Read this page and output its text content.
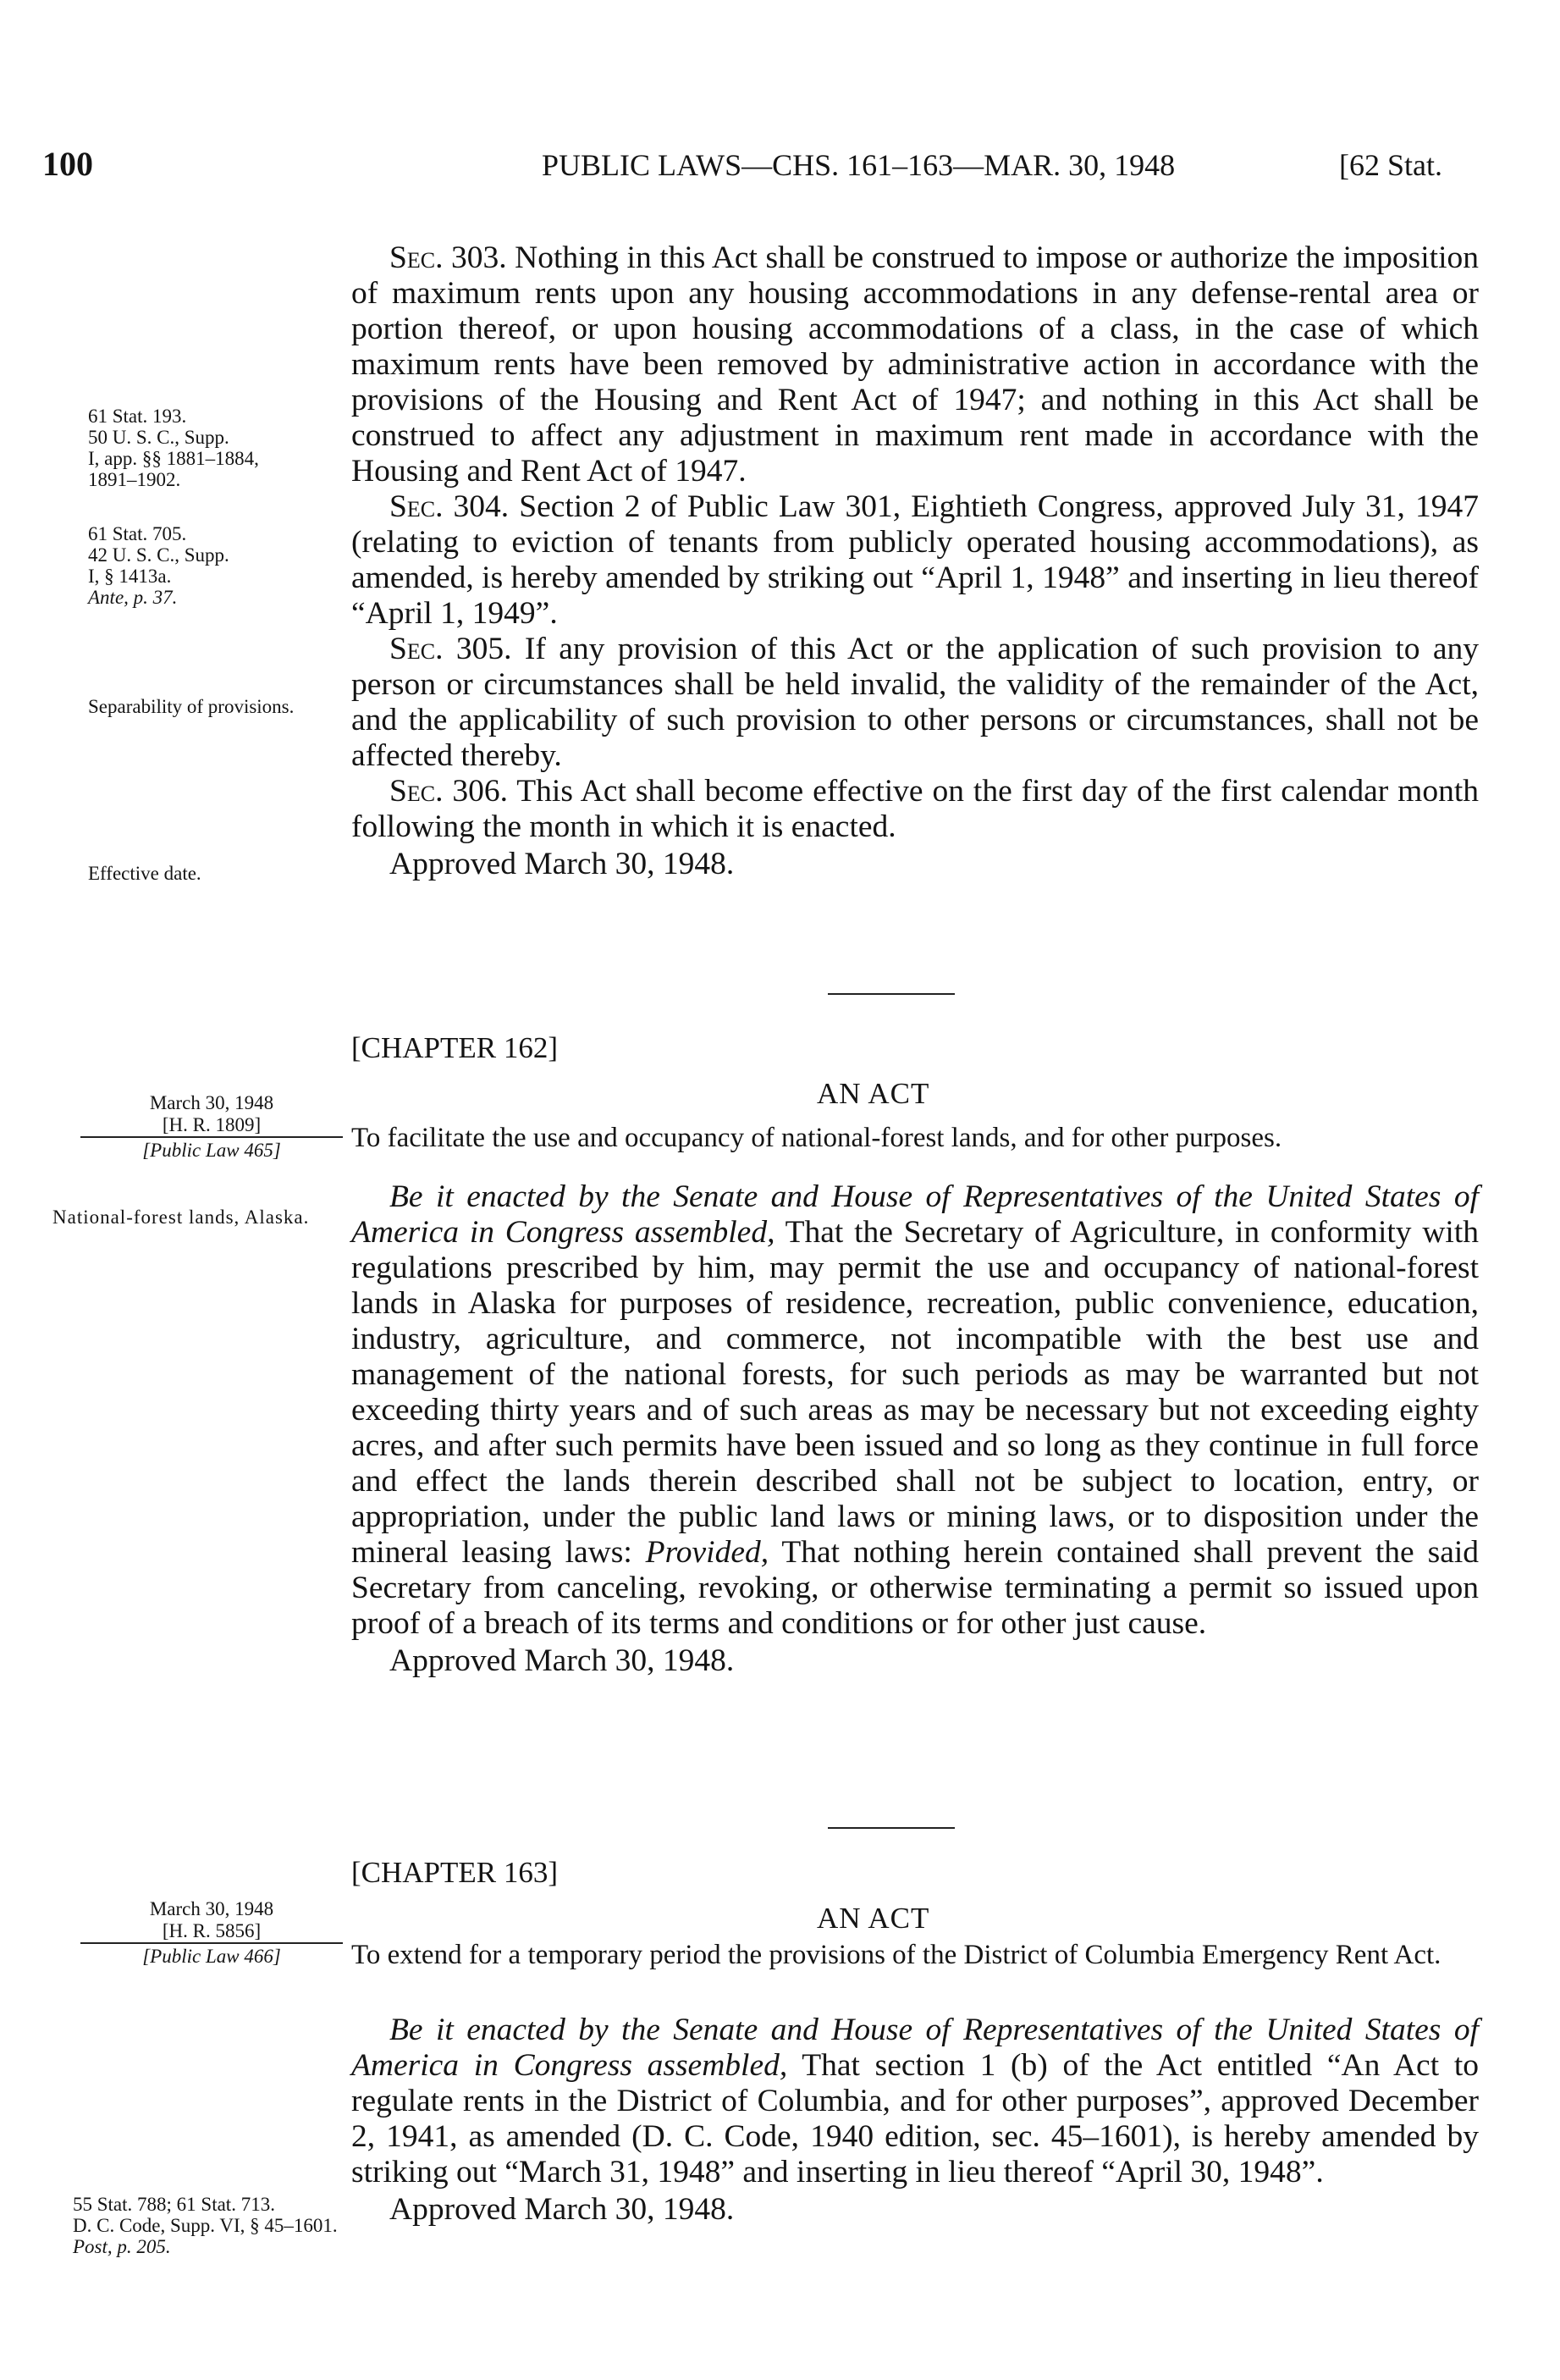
100	PUBLIC LAWS—CHS. 161–163—MAR. 30, 1948	[62 Stat.

Sec. 303. Nothing in this Act shall be construed to impose or authorize the imposition of maximum rents upon any housing accommodations in any defense-rental area or portion thereof, or upon housing accommodations of a class, in the case of which maximum rents have been removed by administrative action in accordance with the provisions of the Housing and Rent Act of 1947; and nothing in this Act shall be construed to affect any adjustment in maximum rent made in accordance with the Housing and Rent Act of 1947.

Sec. 304. Section 2 of Public Law 301, Eightieth Congress, approved July 31, 1947 (relating to eviction of tenants from publicly operated housing accommodations), as amended, is hereby amended by striking out “April 1, 1948” and inserting in lieu thereof “April 1, 1949”.

Sec. 305. If any provision of this Act or the application of such provision to any person or circumstances shall be held invalid, the validity of the remainder of the Act, and the applicability of such provision to other persons or circumstances, shall not be affected thereby.

Sec. 306. This Act shall become effective on the first day of the first calendar month following the month in which it is enacted.

Approved March 30, 1948.

61 Stat. 193.
50 U. S. C., Supp.
I, app. §§ 1881–1884,
1891–1902.
61 Stat. 705.
42 U. S. C., Supp.
I, § 1413a.
Ante, p. 37.
Separability of provisions.
Effective date.
[CHAPTER 162]
AN ACT
To facilitate the use and occupancy of national-forest lands, and for other purposes.
March 30, 1948
[H. R. 1809]
[Public Law 465]
National-forest lands, Alaska.

Be it enacted by the Senate and House of Representatives of the United States of America in Congress assembled, That the Secretary of Agriculture, in conformity with regulations prescribed by him, may permit the use and occupancy of national-forest lands in Alaska for purposes of residence, recreation, public convenience, education, industry, agriculture, and commerce, not incompatible with the best use and management of the national forests, for such periods as may be warranted but not exceeding thirty years and of such areas as may be necessary but not exceeding eighty acres, and after such permits have been issued and so long as they continue in full force and effect the lands therein described shall not be subject to location, entry, or appropriation, under the public land laws or mining laws, or to disposition under the mineral leasing laws: Provided, That nothing herein contained shall prevent the said Secretary from canceling, revoking, or otherwise terminating a permit so issued upon proof of a breach of its terms and conditions or for other just cause.

Approved March 30, 1948.

[CHAPTER 163]
AN ACT
To extend for a temporary period the provisions of the District of Columbia Emergency Rent Act.
March 30, 1948
[H. R. 5856]
[Public Law 466]

Be it enacted by the Senate and House of Representatives of the United States of America in Congress assembled, That section 1 (b) of the Act entitled “An Act to regulate rents in the District of Columbia, and for other purposes”, approved December 2, 1941, as amended (D. C. Code, 1940 edition, sec. 45–1601), is hereby amended by striking out “March 31, 1948” and inserting in lieu thereof “April 30, 1948”.

Approved March 30, 1948.

55 Stat. 788; 61 Stat. 713.
D. C. Code, Supp. VI, § 45–1601.
Post, p. 205.
